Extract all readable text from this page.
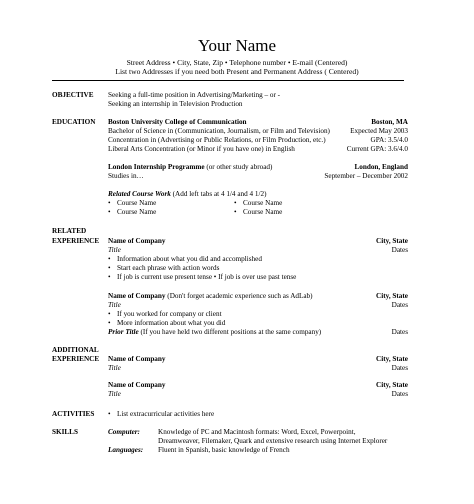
Your Name
Street Address • City, State, Zip • Telephone number • E-mail (Centered)
List two Addresses if you need both Present and Permanent Address ( Centered)
OBJECTIVE Seeking a full-time position in Advertising/Marketing – or -
Seeking an internship in Television Production
EDUCATION Boston University College of Communication	Boston, MA
Bachelor of Science in (Communication, Journalism, or Film and Television)	Expected May 2003
Concentration in (Advertising or Public Relations, or Film Production, etc.)	GPA: 3.5/4.0
Liberal Arts Concentration (or Minor if you have one) in English	Current GPA: 3.6/4.0
London Internship Programme (or other study abroad)	London, England
Studies in…	September – December 2002
Related Course Work (Add left tabs at 4 1/4 and 4 1/2)
• Course Name	• Course Name
• Course Name	• Course Name
RELATED
EXPERIENCE Name of Company	City, State
Title	Dates
• Information about what you did and accomplished
• Start each phrase with action words
• If job is current use present tense • If job is over use past tense
Name of Company (Don't forget academic experience such as AdLab)	City, State
Title	Dates
• If you worked for company or client
• More information about what you did
Prior Title (If you have held two different positions at the same company)	Dates
ADDITIONAL
EXPERIENCE Name of Company	City, State
Title	Dates
Name of Company	City, State
Title	Dates
ACTIVITIES	• List extracurricular activities here
SKILLS	Computer:	Knowledge of PC and Macintosh formats: Word, Excel, Powerpoint,
Dreamweaver, Filemaker, Quark and extensive research using Internet Explorer
Languages: Fluent in Spanish, basic knowledge of French
